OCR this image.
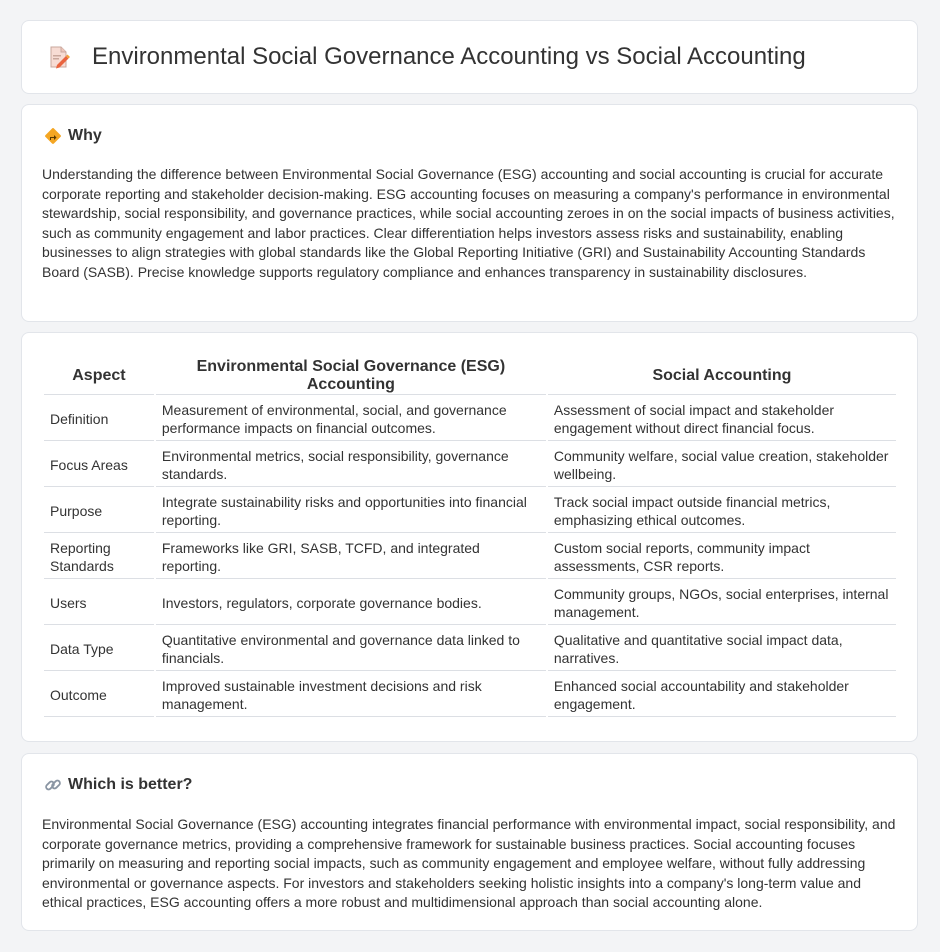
Environmental Social Governance Accounting vs Social Accounting
Why

Understanding the difference between Environmental Social Governance (ESG) accounting and social accounting is crucial for accurate corporate reporting and stakeholder decision-making. ESG accounting focuses on measuring a company's performance in environmental stewardship, social responsibility, and governance practices, while social accounting zeroes in on the social impacts of business activities, such as community engagement and labor practices. Clear differentiation helps investors assess risks and sustainability, enabling businesses to align strategies with global standards like the Global Reporting Initiative (GRI) and Sustainability Accounting Standards Board (SASB). Precise knowledge supports regulatory compliance and enhances transparency in sustainability disclosures.

Aspect	Environmental Social Governance (ESG) Accounting	Social Accounting
Definition	Measurement of environmental, social, and governance performance impacts on financial outcomes.	Assessment of social impact and stakeholder engagement without direct financial focus.
Focus Areas	Environmental metrics, social responsibility, governance standards.	Community welfare, social value creation, stakeholder wellbeing.
Purpose	Integrate sustainability risks and opportunities into financial reporting.	Track social impact outside financial metrics, emphasizing ethical outcomes.
Reporting Standards	Frameworks like GRI, SASB, TCFD, and integrated reporting.	Custom social reports, community impact assessments, CSR reports.
Users	Investors, regulators, corporate governance bodies.	Community groups, NGOs, social enterprises, internal management.
Data Type	Quantitative environmental and governance data linked to financials.	Qualitative and quantitative social impact data, narratives.
Outcome	Improved sustainable investment decisions and risk management.	Enhanced social accountability and stakeholder engagement.
Which is better?

Environmental Social Governance (ESG) accounting integrates financial performance with environmental impact, social responsibility, and corporate governance metrics, providing a comprehensive framework for sustainable business practices. Social accounting focuses primarily on measuring and reporting social impacts, such as community engagement and employee welfare, without fully addressing environmental or governance aspects. For investors and stakeholders seeking holistic insights into a company's long-term value and ethical practices, ESG accounting offers a more robust and multidimensional approach than social accounting alone.
